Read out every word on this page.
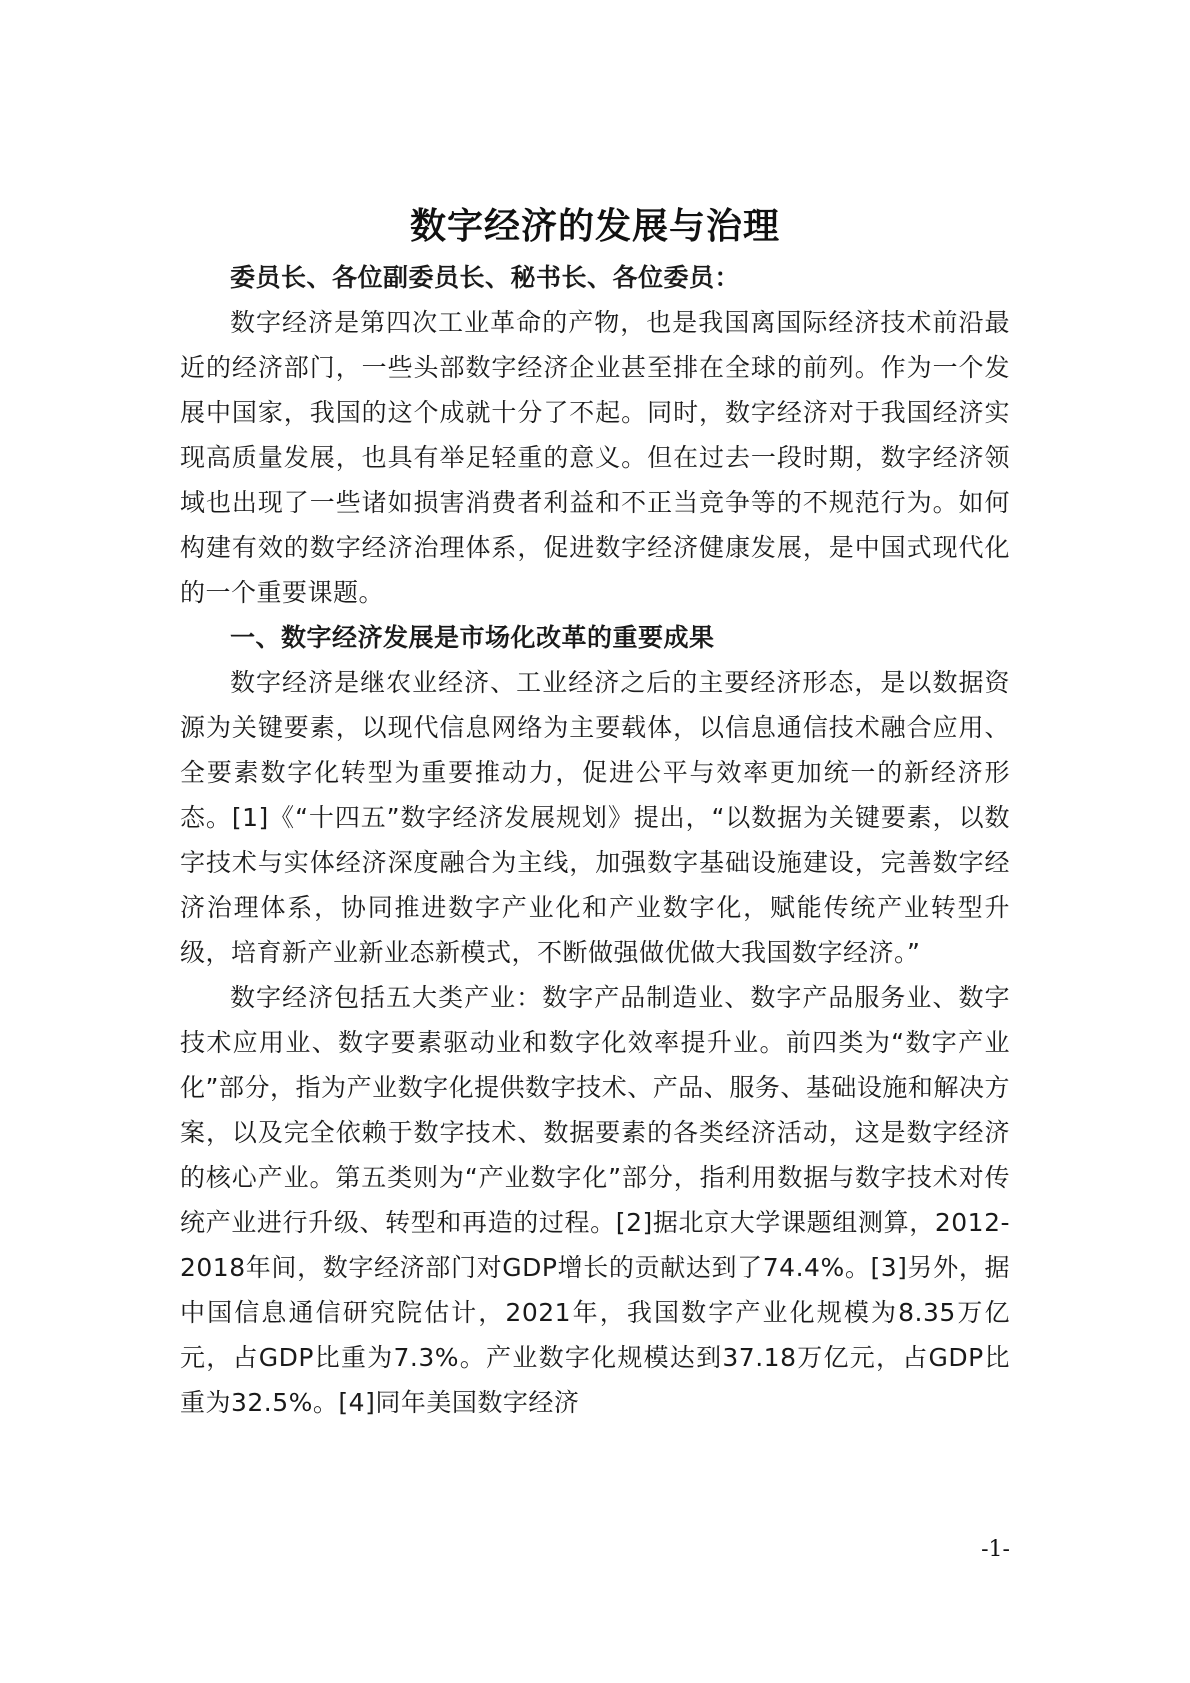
数字经济的发展与治理

委员长、各位副委员长、秘书长、各位委员：

数字经济是第四次工业革命的产物，也是我国离国际经济技术前沿最近的经济部门，一些头部数字经济企业甚至排在全球的前列。作为一个发展中国家，我国的这个成就十分了不起。同时，数字经济对于我国经济实现高质量发展，也具有举足轻重的意义。但在过去一段时期，数字经济领域也出现了一些诸如损害消费者利益和不正当竞争等的不规范行为。如何构建有效的数字经济治理体系，促进数字经济健康发展，是中国式现代化的一个重要课题。

一、数字经济发展是市场化改革的重要成果

数字经济是继农业经济、工业经济之后的主要经济形态，是以数据资源为关键要素，以现代信息网络为主要载体，以信息通信技术融合应用、全要素数字化转型为重要推动力，促进公平与效率更加统一的新经济形态。[1]《“十四五”数字经济发展规划》提出，“以数据为关键要素，以数字技术与实体经济深度融合为主线，加强数字基础设施建设，完善数字经济治理体系，协同推进数字产业化和产业数字化，赋能传统产业转型升级，培育新产业新业态新模式，不断做强做优做大我国数字经济。”

数字经济包括五大类产业：数字产品制造业、数字产品服务业、数字技术应用业、数字要素驱动业和数字化效率提升业。前四类为“数字产业化”部分，指为产业数字化提供数字技术、产品、服务、基础设施和解决方案，以及完全依赖于数字技术、数据要素的各类经济活动，这是数字经济的核心产业。第五类则为“产业数字化”部分，指利用数据与数字技术对传统产业进行升级、转型和再造的过程。[2]据北京大学课题组测算，2012-2018年间，数字经济部门对GDP增长的贡献达到了74.4%。[3]另外，据中国信息通信研究院估计，2021年，我国数字产业化规模为8.35万亿元，占GDP比重为7.3%。产业数字化规模达到37.18万亿元，占GDP比重为32.5%。[4]同年美国数字经济

-1-
